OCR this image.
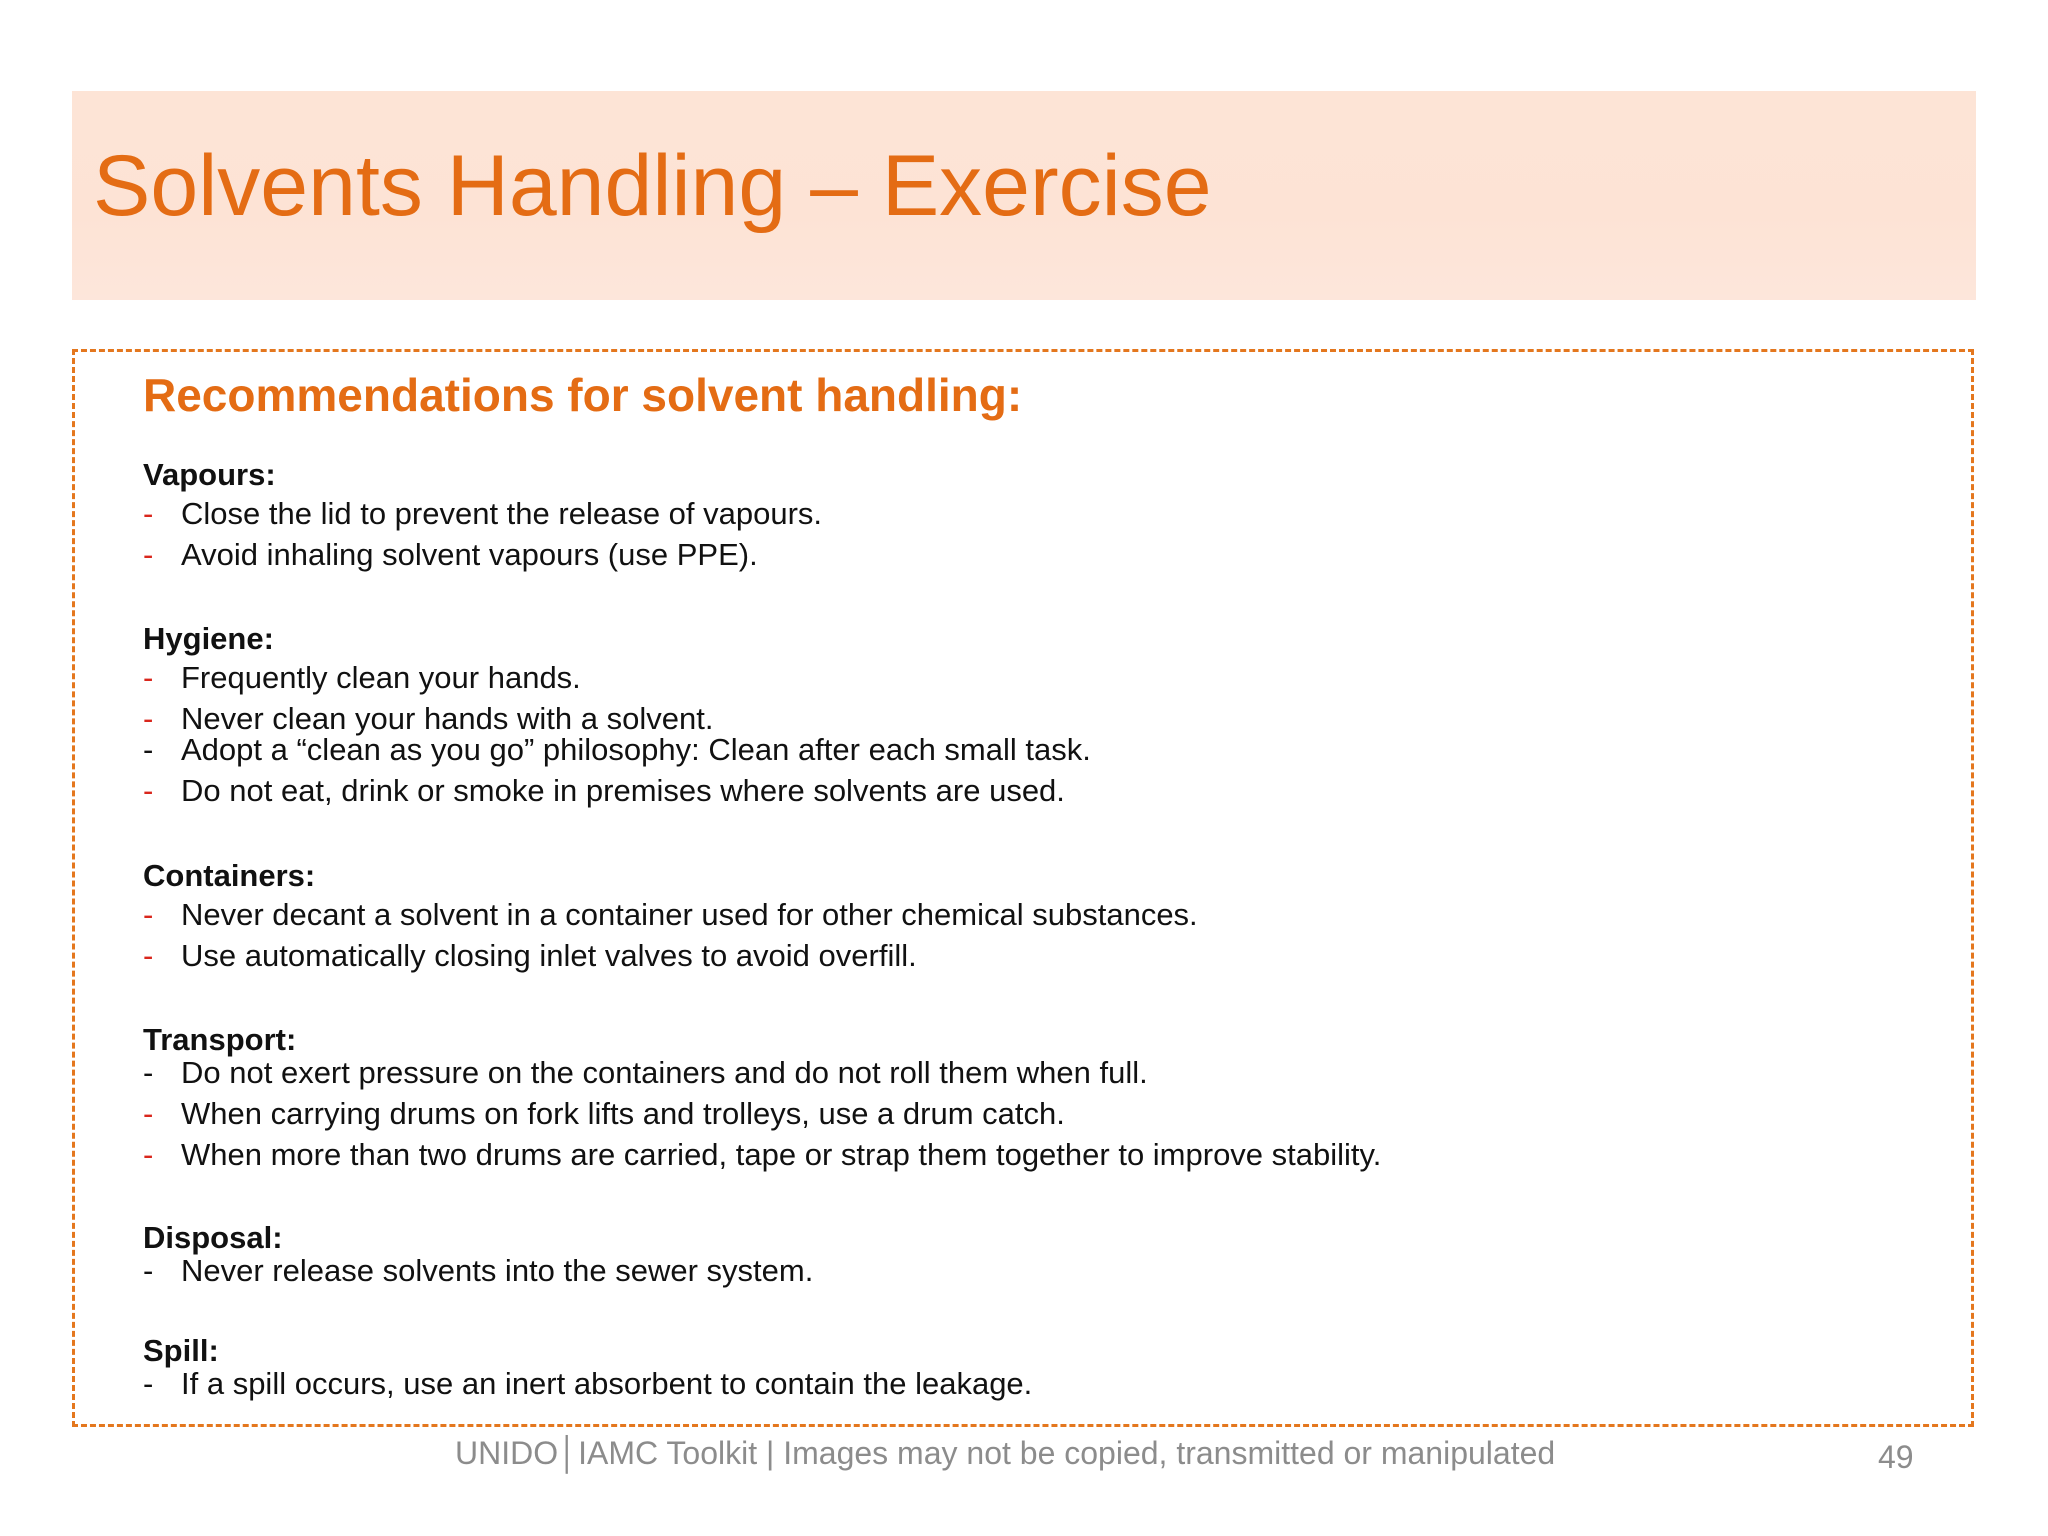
Solvents Handling – Exercise
Recommendations for solvent handling:
Vapours:
- Close the lid to prevent the release of vapours.
- Avoid inhaling solvent vapours (use PPE).
Hygiene:
- Frequently clean your hands.
- Never clean your hands with a solvent.
- Adopt a “clean as you go” philosophy: Clean after each small task.
- Do not eat, drink or smoke in premises where solvents are used.
Containers:
- Never decant a solvent in a container used for other chemical substances.
- Use automatically closing inlet valves to avoid overfill.
Transport:
- Do not exert pressure on the containers and do not roll them when full.
- When carrying drums on fork lifts and trolleys, use a drum catch.
- When more than two drums are carried, tape or strap them together to improve stability.
Disposal:
- Never release solvents into the sewer system.
Spill:
- If a spill occurs, use an inert absorbent to contain the leakage.
UNIDO│IAMC Toolkit | Images may not be copied, transmitted or manipulated	49
